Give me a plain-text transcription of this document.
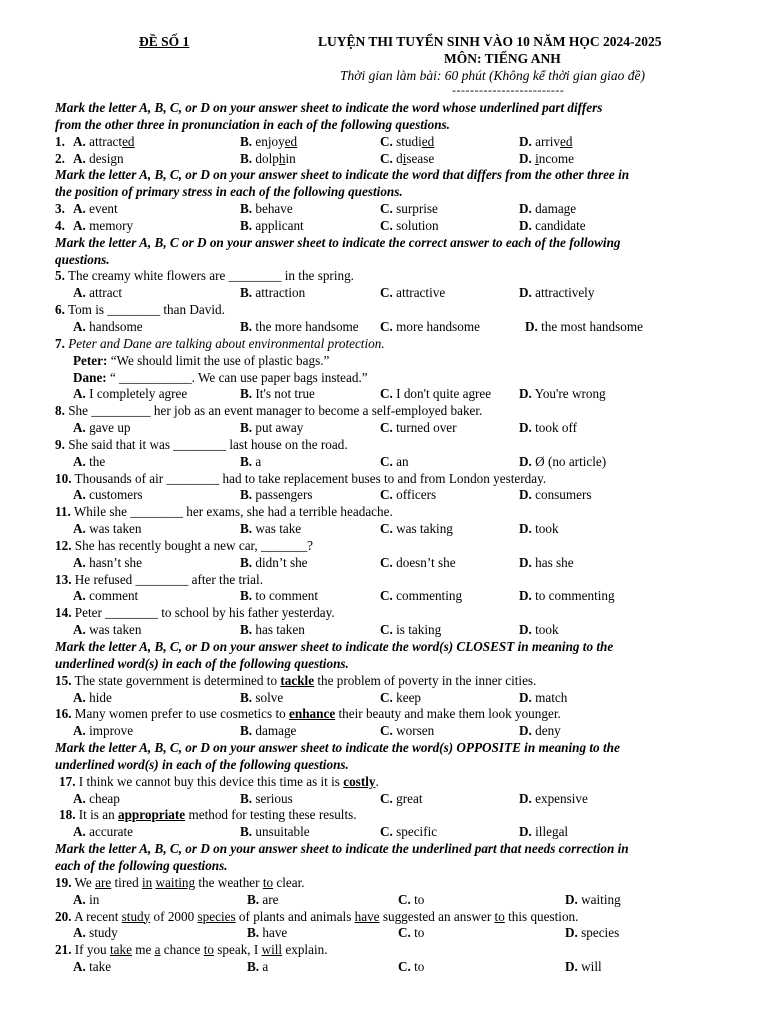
ĐỀ SỐ 1	LUYỆN THI TUYỂN SINH VÀO 10 NĂM HỌC 2024-2025
MÔN: TIẾNG ANH
Thời gian làm bài: 60 phút (Không kể thời gian giao đề)
-------------------------
Mark the letter A, B, C, or D on your answer sheet to indicate the word whose underlined part differs
from the other three in pronunciation in each of the following questions.
1. A. attracted	B. enjoyed	C. studied	D. arrived
2. A. design	B. dolphin	C. disease	D. income
Mark the letter A, B, C, or D on your answer sheet to indicate the word that differs from the other three in
the position of primary stress in each of the following questions.
3. A. event	B. behave	C. surprise	D. damage
4. A. memory	B. applicant	C. solution	D. candidate
Mark the letter A, B, C or D on your answer sheet to indicate the correct answer to each of the following
questions.
5. The creamy white flowers are ________ in the spring.
A. attract	B. attraction	C. attractive	D. attractively
6. Tom is ________ than David.
A. handsome	B. the more handsome C. more handsome	D. the most handsome
7. Peter and Dane are talking about environmental protection.
Peter: “We should limit the use of plastic bags.”
Dane: “ ___________. We can use paper bags instead.”
A. I completely agree	B. It's not true	C. I don't quite agree D. You're wrong
8. She _________ her job as an event manager to become a self-employed baker.
A. gave up	B. put away	C. turned over	D. took off
9. She said that it was ________ last house on the road.
A. the	B. a	C. an	D. Ø (no article)
10. Thousands of air ________ had to take replacement buses to and from London yesterday.
A. customers	B. passengers	C. officers	D. consumers
11. While she ________ her exams, she had a terrible headache.
A. was taken	B. was take	C. was taking	D. took
12. She has recently bought a new car, _______?
A. hasn’t she	B. didn’t she	C. doesn’t she	D. has she
13. He refused ________ after the trial.
A. comment	B. to comment	C. commenting	D. to commenting
14. Peter ________ to school by his father yesterday.
A. was taken	B. has taken	C. is taking	D. took
Mark the letter A, B, C, or D on your answer sheet to indicate the word(s) CLOSEST in meaning to the
underlined word(s) in each of the following questions.
15. The state government is determined to tackle the problem of poverty in the inner cities.
A. hide	B. solve	C. keep	D. match
16. Many women prefer to use cosmetics to enhance their beauty and make them look younger.
A. improve	B. damage	C. worsen	D. deny
Mark the letter A, B, C, or D on your answer sheet to indicate the word(s) OPPOSITE in meaning to the
underlined word(s) in each of the following questions.
17. I think we cannot buy this device this time as it is costly.
A. cheap	B. serious	C. great	D. expensive
18. It is an appropriate method for testing these results.
A. accurate	B. unsuitable	C. specific	D. illegal
Mark the letter A, B, C, or D on your answer sheet to indicate the underlined part that needs correction in
each of the following questions.
19. We are tired in waiting the weather to clear.
A. in	B. are	C. to	D. waiting
20. A recent study of 2000 species of plants and animals have suggested an answer to this question.
A. study	B. have	C. to	D. species
21. If you take me a chance to speak, I will explain.
A. take	B. a	C. to	D. will
